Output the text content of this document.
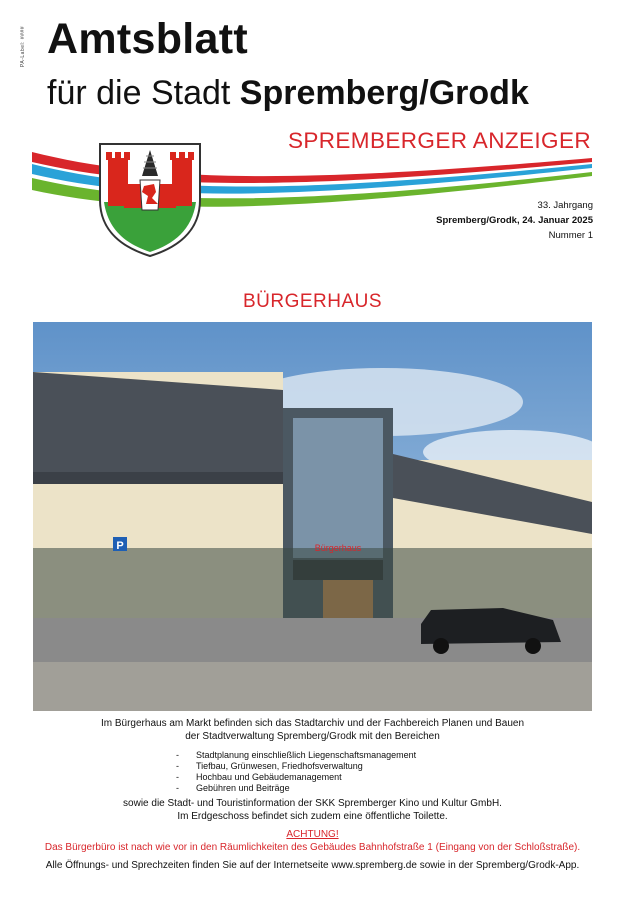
PA-Label: #### Amtsblatt
für die Stadt Spremberg/Grodk
SPREMBERGER ANZEIGER
33. Jahrgang
Spremberg/Grodk, 24. Januar 2025
Nummer 1
BÜRGERHAUS
P	Bürgerhaus
Im Bürgerhaus am Markt befinden sich das Stadtarchiv und der Fachbereich Planen und Bauen
der Stadtverwaltung Spremberg/Grodk mit den Bereichen
- Stadtplanung einschließlich Liegenschaftsmanagement
- Tiefbau, Grünwesen, Friedhofsverwaltung
- Hochbau und Gebäudemanagement
- Gebühren und Beiträge
sowie die Stadt- und Touristinformation der SKK Spremberger Kino und Kultur GmbH.
Im Erdgeschoss befindet sich zudem eine öffentliche Toilette.
ACHTUNG!
Das Bürgerbüro ist nach wie vor in den Räumlichkeiten des Gebäudes Bahnhofstraße 1 (Eingang von der Schloßstraße).
Alle Öffnungs- und Sprechzeiten finden Sie auf der Internetseite www.spremberg.de sowie in der Spremberg/Grodk-App.
